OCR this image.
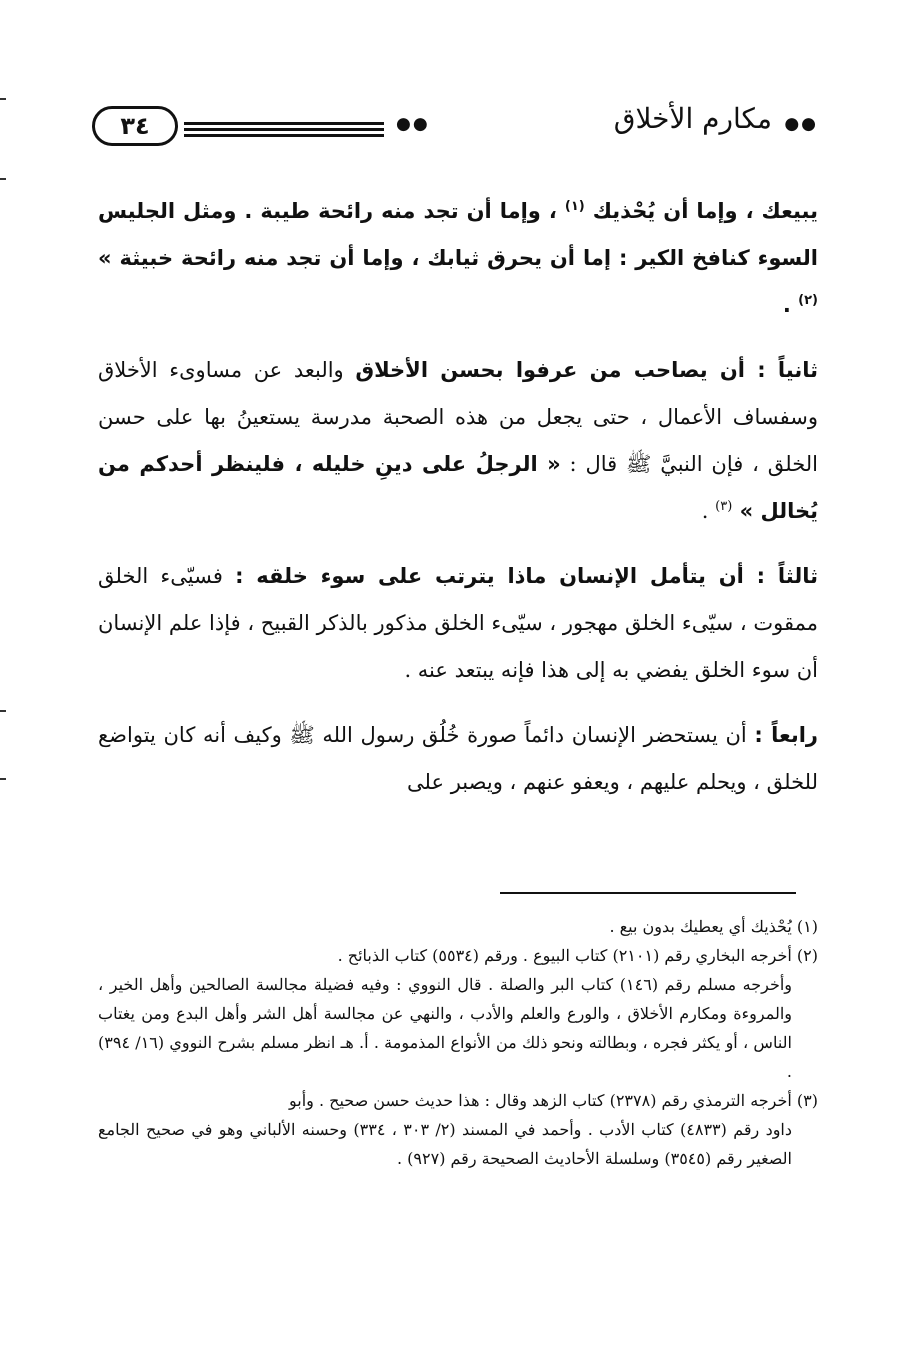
٣٤	●●	مكارم الأخلاق ●●

يبيعك ، وإما أن يُحْذيك $^{(١)}$ ، وإما أن تجد منه رائحة طيبة . ومثل الجليس السوء كنافخ الكير : إما أن يحرق ثيابك ، وإما أن تجد منه رائحة خبيثة » $^{(٢)}$ .

ثانياً : أن يصاحب من عرفوا بحسن الأخلاق والبعد عن مساوىء الأخلاق وسفساف الأعمال ، حتى يجعل من هذه الصحبة مدرسة يستعينُ بها على حسن الخلق ، فإن النبيَّ ﷺ قال : « الرجلُ على دينِ خليله ، فلينظر أحدكم من يُخالل » $^{(٣)}$ .

ثالثاً : أن يتأمل الإنسان ماذا يترتب على سوء خلقه : فسيّىء الخلق ممقوت ، سيّىء الخلق مهجور ، سيّىء الخلق مذكور بالذكر القبيح ، فإذا علم الإنسان أن سوء الخلق يفضي به إلى هذا فإنه يبتعد عنه .

رابعاً : أن يستحضر الإنسان دائماً صورة خُلُق رسول الله ﷺ وكيف أنه كان يتواضع للخلق ، ويحلم عليهم ، ويعفو عنهم ، ويصبر على

(١) يُحْذيك أي يعطيك بدون بيع .

(٢) أخرجه البخاري رقم (٢١٠١) كتاب البيوع . ورقم (٥٥٣٤) كتاب الذبائح .

وأخرجه مسلم رقم (١٤٦) كتاب البر والصلة . قال النووي : وفيه فضيلة مجالسة الصالحين وأهل الخير ، والمروءة ومكارم الأخلاق ، والورع والعلم والأدب ، والنهي عن مجالسة أهل الشر وأهل البدع ومن يغتاب الناس ، أو يكثر فجره ، وبطالته ونحو ذلك من الأنواع المذمومة . أ. هـ انظر مسلم بشرح النووي (١٦/ ٣٩٤) .

(٣) أخرجه الترمذي رقم (٢٣٧٨) كتاب الزهد وقال : هذا حديث حسن صحيح . وأبو

داود رقم (٤٨٣٣) كتاب الأدب . وأحمد في المسند (٢/ ٣٠٣ ، ٣٣٤) وحسنه الألباني وهو في صحيح الجامع الصغير رقم (٣٥٤٥) وسلسلة الأحاديث الصحيحة رقم (٩٢٧) .
